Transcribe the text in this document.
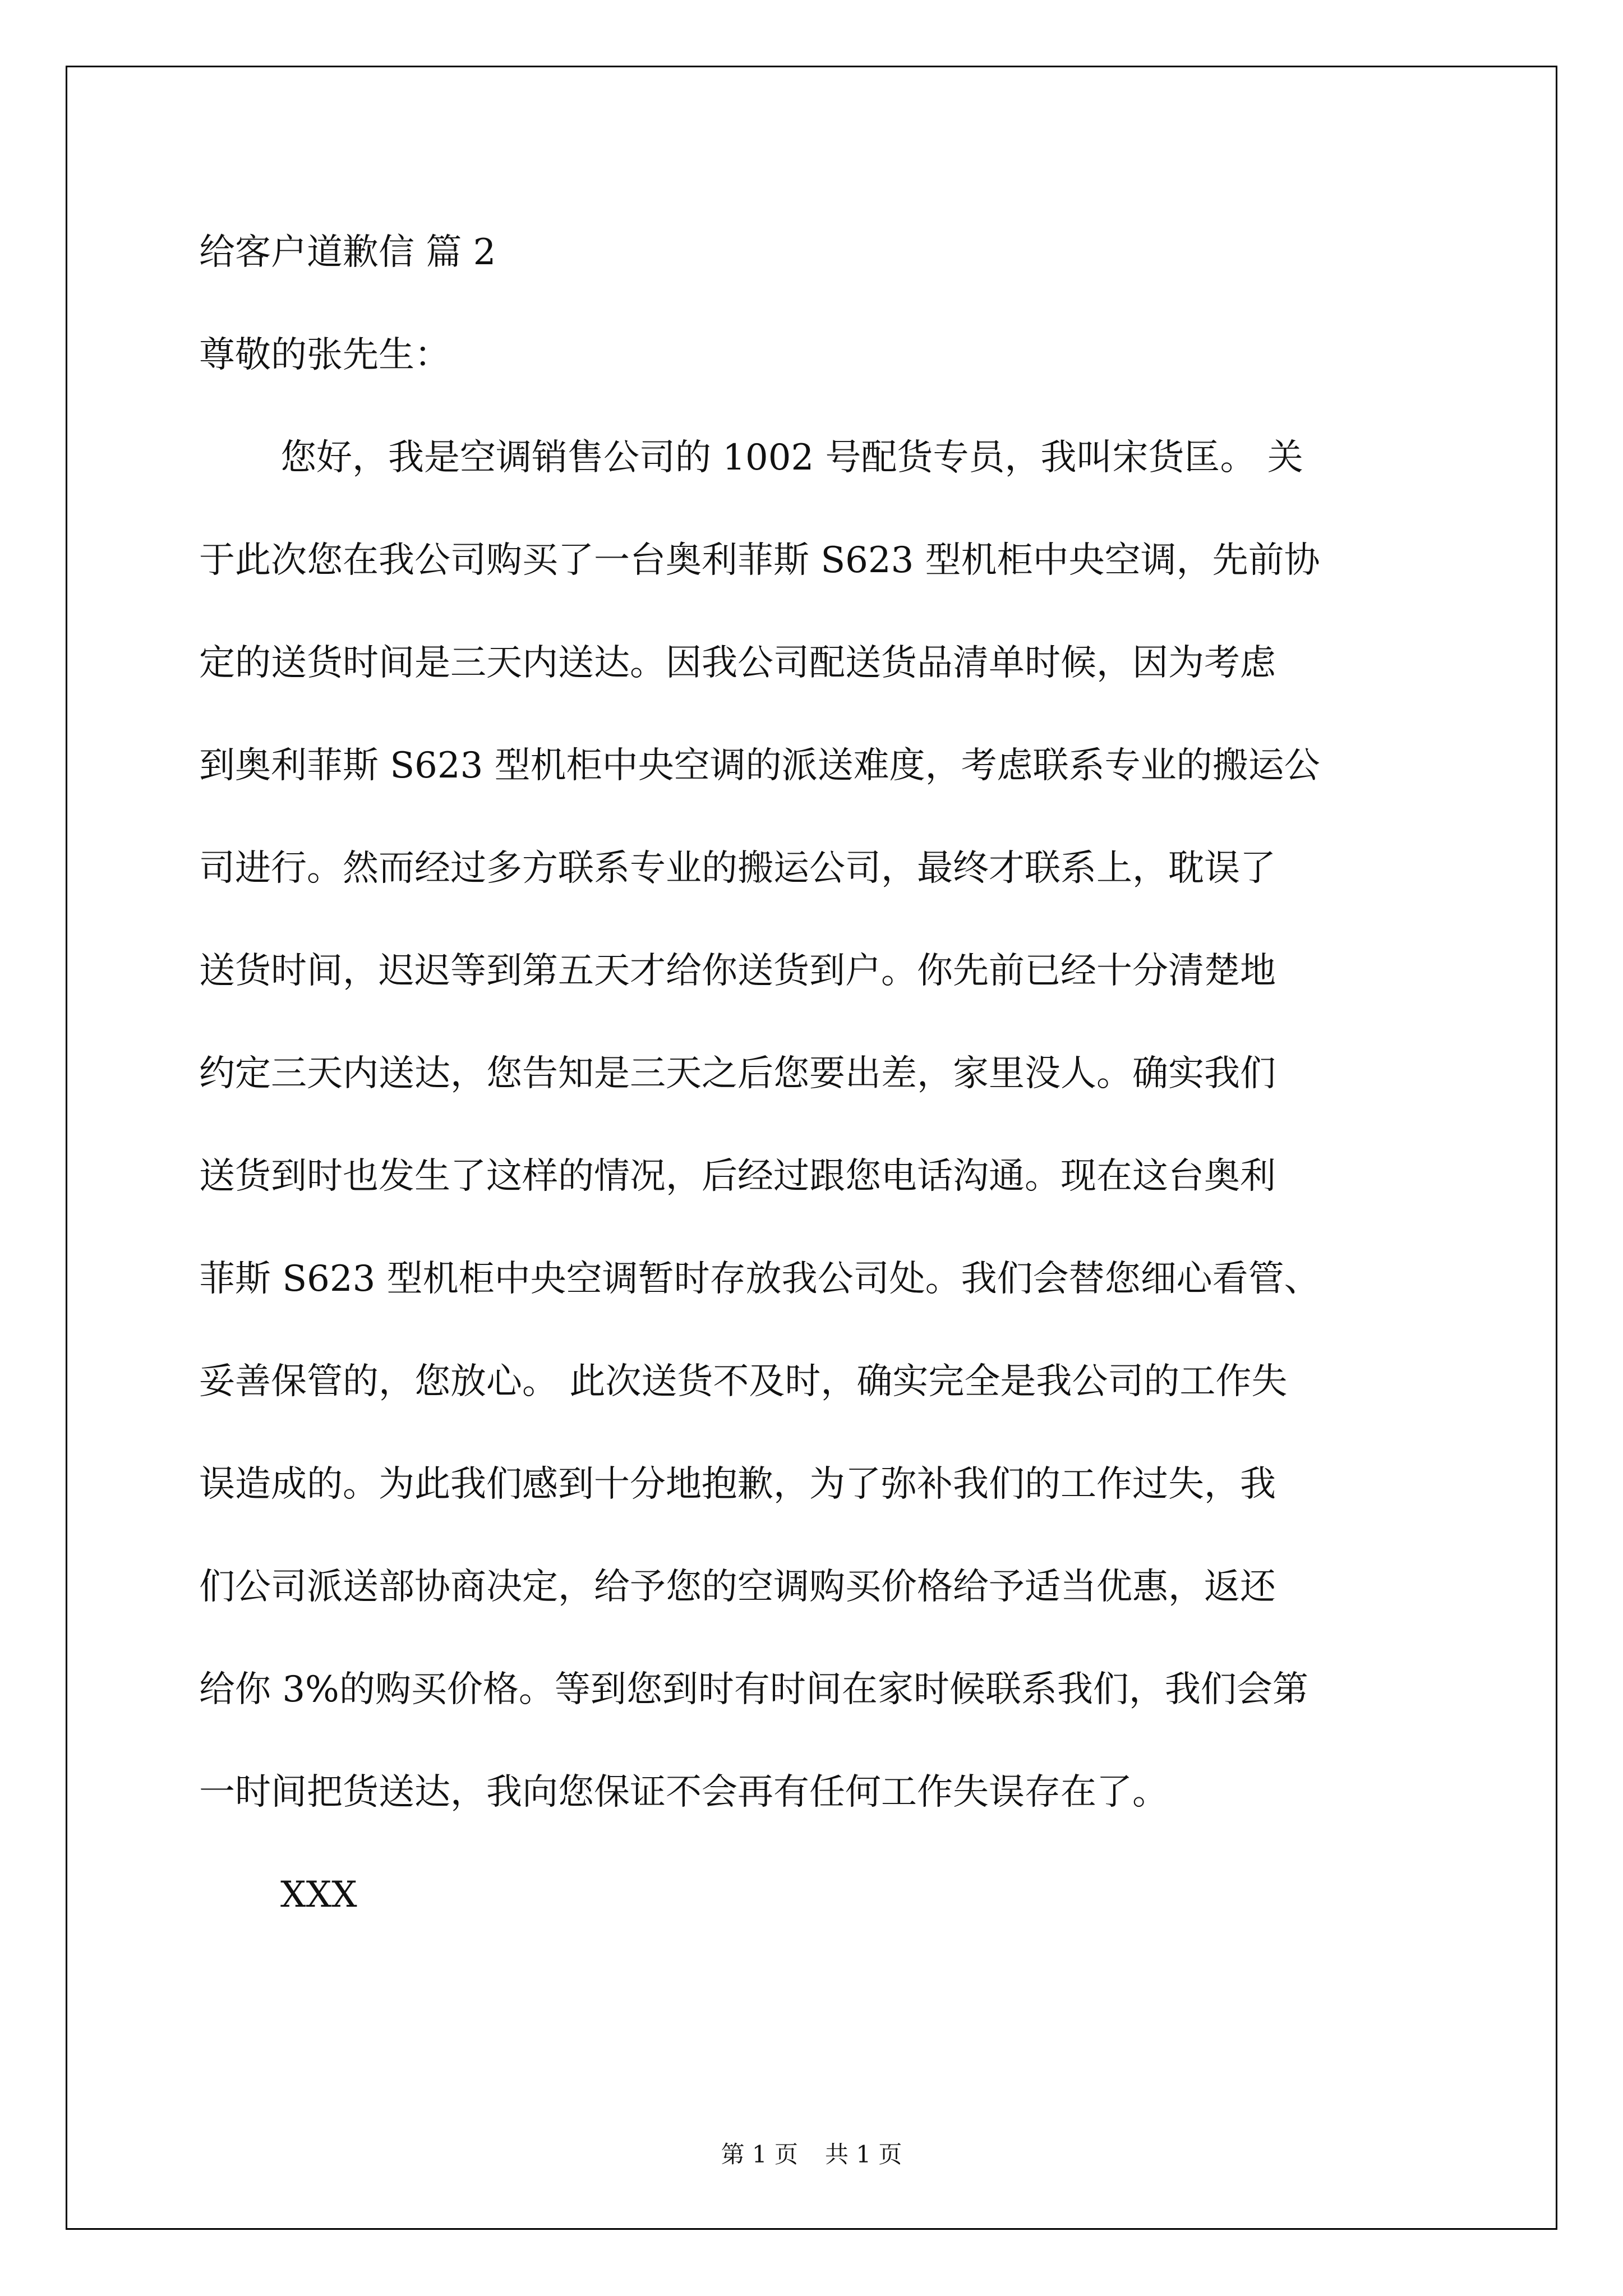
给客户道歉信 篇 2
尊敬的张先生：
您好，我是空调销售公司的 1002 号配货专员，我叫宋货匡。 关
于此次您在我公司购买了一台奥利菲斯 S623 型机柜中央空调，先前协
定的送货时间是三天内送达。因我公司配送货品清单时候，因为考虑
到奥利菲斯 S623 型机柜中央空调的派送难度，考虑联系专业的搬运公
司进行。然而经过多方联系专业的搬运公司，最终才联系上，耽误了
送货时间，迟迟等到第五天才给你送货到户。你先前已经十分清楚地
约定三天内送达，您告知是三天之后您要出差，家里没人。确实我们
送货到时也发生了这样的情况，后经过跟您电话沟通。现在这台奥利
菲斯 S623 型机柜中央空调暂时存放我公司处。我们会替您细心看管、
妥善保管的，您放心。 此次送货不及时，确实完全是我公司的工作失
误造成的。为此我们感到十分地抱歉，为了弥补我们的工作过失，我
们公司派送部协商决定，给予您的空调购买价格给予适当优惠，返还
给你 3%的购买价格。等到您到时有时间在家时候联系我们，我们会第
一时间把货送达，我向您保证不会再有任何工作失误存在了。
XXX
第 1 页 共 1 页
